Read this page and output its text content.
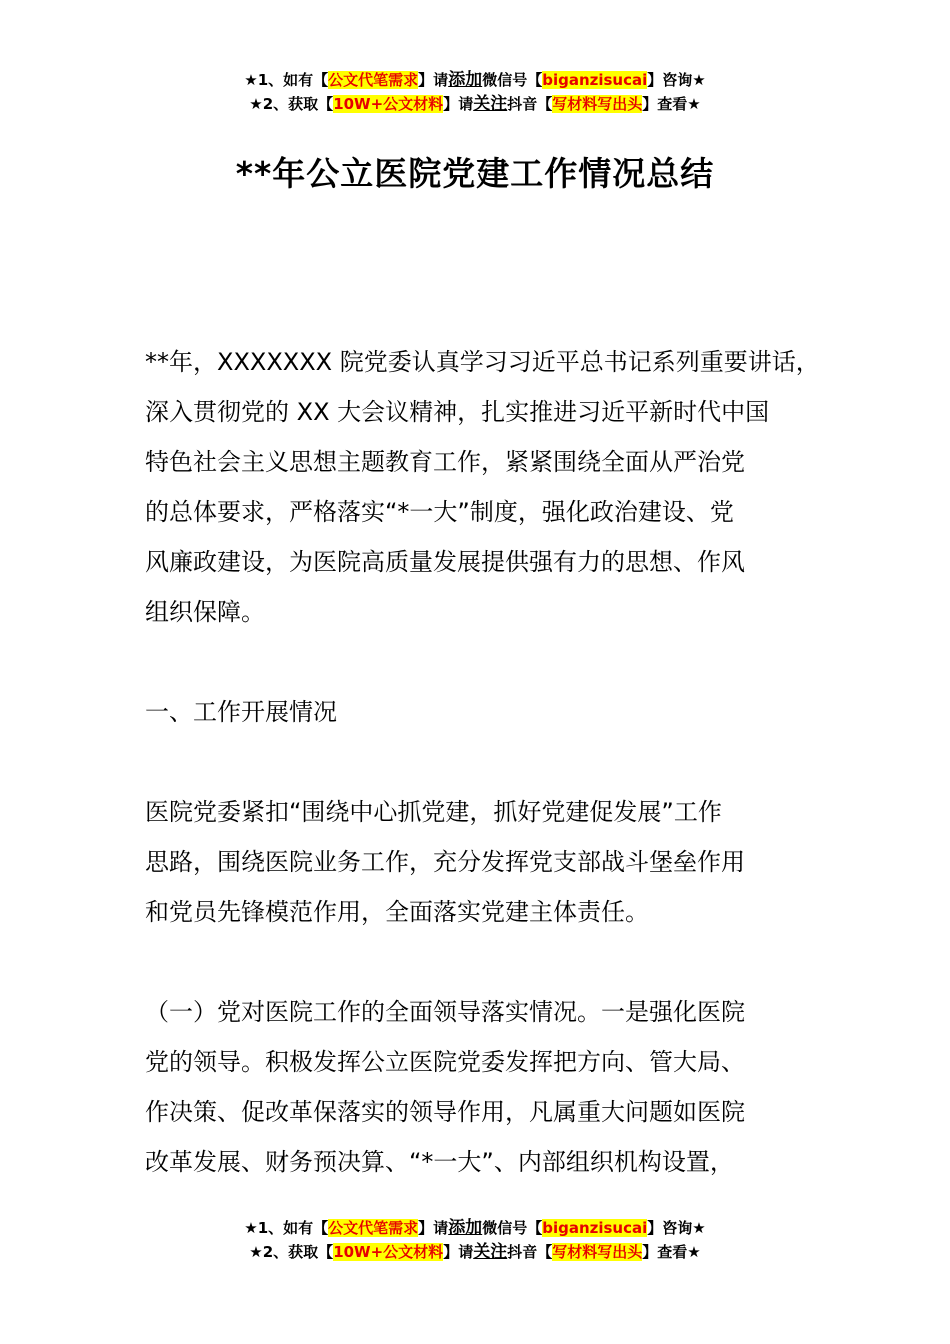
★1、如有【公文代笔需求】请添加微信号【biganzisucai】咨询★
★2、获取【10W+公文材料】请关注抖音【写材料写出头】查看★
**年公立医院党建工作情况总结
**年，XXXXXXX 院党委认真学习习近平总书记系列重要讲话，
深入贯彻党的 XX 大会议精神，扎实推进习近平新时代中国
特色社会主义思想主题教育工作，紧紧围绕全面从严治党
的总体要求，严格落实“*一大”制度，强化政治建设、党
风廉政建设，为医院高质量发展提供强有力的思想、作风
组织保障。
一、工作开展情况
医院党委紧扣“围绕中心抓党建，抓好党建促发展”工作
思路，围绕医院业务工作，充分发挥党支部战斗堡垒作用
和党员先锋模范作用，全面落实党建主体责任。
（一）党对医院工作的全面领导落实情况。一是强化医院
党的领导。积极发挥公立医院党委发挥把方向、管大局、
作决策、促改革保落实的领导作用，凡属重大问题如医院
改革发展、财务预决算、“*一大”、内部组织机构设置，
★1、如有【公文代笔需求】请添加微信号【biganzisucai】咨询★
★2、获取【10W+公文材料】请关注抖音【写材料写出头】查看★
